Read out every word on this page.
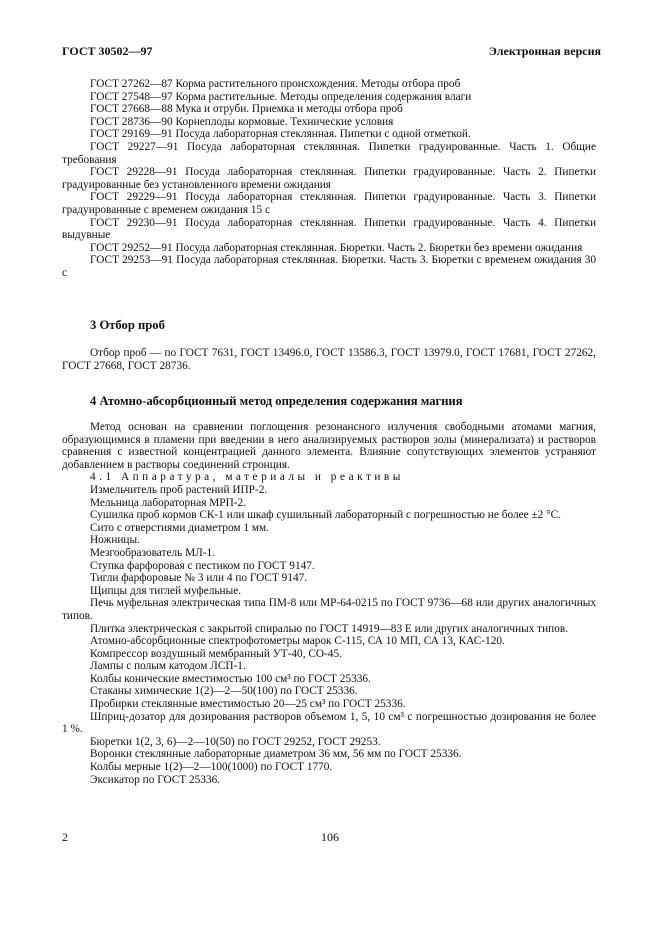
ГОСТ 30502—97	Электронная версия

ГОСТ 27262—87 Корма растительного происхождения. Методы отбора проб

ГОСТ 27548—97 Корма растительные. Методы определения содержания влаги

ГОСТ 27668—88 Мука и отруби. Приемка и методы отбора проб

ГОСТ 28736—90 Корнеплоды кормовые. Технические условия

ГОСТ 29169—91 Посуда лабораторная стеклянная. Пипетки с одной отметкой.

ГОСТ 29227—91 Посуда лабораторная стеклянная. Пипетки градуированные. Часть 1. Общие требования

ГОСТ 29228—91 Посуда лабораторная стеклянная. Пипетки градуированные. Часть 2. Пипетки градуированные без установленного времени ожидания

ГОСТ 29229—91 Посуда лабораторная стеклянная. Пипетки градуированные. Часть 3. Пипетки градуированные с временем ожидания 15 с

ГОСТ 29230—91 Посуда лабораторная стеклянная. Пипетки градуированные. Часть 4. Пипетки выдувные

ГОСТ 29252—91 Посуда лабораторная стеклянная. Бюретки. Часть 2. Бюретки без времени ожидания

ГОСТ 29253—91 Посуда лабораторная стеклянная. Бюретки. Часть 3. Бюретки с временем ожидания 30 с

3 Отбор проб

Отбор проб — по ГОСТ 7631, ГОСТ 13496.0, ГОСТ 13586.3, ГОСТ 13979.0, ГОСТ 17681, ГОСТ 27262, ГОСТ 27668, ГОСТ 28736.

4 Атомно-абсорбционный метод определения содержания магния

Метод основан на сравнении поглощения резонансного излучения свободными атомами магния, образующимися в пламени при введении в него анализируемых растворов золы (минерализата) и растворов сравнения с известной концентрацией данного элемента. Влияние сопутствующих элементов устраняют добавлением в растворы соединений стронция.

4.1 Аппаратура, материалы и реактивы

Измельчитель проб растений ИПР-2.

Мельница лабораторная МРП-2.

Сушилка проб кормов СК-1 или шкаф сушильный лабораторный с погрешностью не более ±2 °С.

Сито с отверстиями диаметром 1 мм.

Ножницы.

Мезгообразователь МЛ-1.

Ступка фарфоровая с пестиком по ГОСТ 9147.

Тигли фарфоровые № 3 или 4 по ГОСТ 9147.

Щипцы для тиглей муфельные.

Печь муфельная электрическая типа ПМ-8 или МР-64-0215 по ГОСТ 9736—68 или других аналогичных типов.

Плитка электрическая с закрытой спиралью по ГОСТ 14919—83 Е или других аналогичных типов.

Атомно-абсорбционные спектрофотометры марок С-115, СА 10 МП, СА 13, КАС-120.

Компрессор воздушный мембранный УТ-40, СО-45.

Лампы с полым катодом ЛСП-1.

Колбы конические вместимостью 100 см³ по ГОСТ 25336.

Стаканы химические 1(2)—2—50(100) по ГОСТ 25336.

Пробирки стеклянные вместимостью 20—25 см³ по ГОСТ 25336.

Шприц-дозатор для дозирования растворов объемом 1, 5, 10 см³ с погрешностью дозирования не более 1 %.

Бюретки 1(2, 3, 6)—2—10(50) по ГОСТ 29252, ГОСТ 29253.

Воронки стеклянные лабораторные диаметром 36 мм, 56 мм по ГОСТ 25336.

Колбы мерные 1(2)—2—100(1000) по ГОСТ 1770.

Эксикатор по ГОСТ 25336.

2	106
